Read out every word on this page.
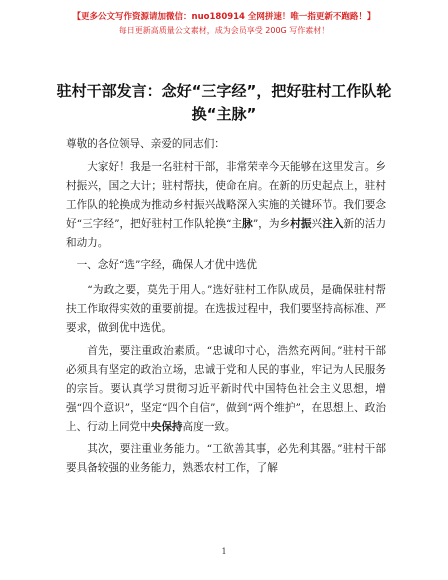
【更多公文写作资源请加微信：nuo180914 全网拼速！唯一指更新不跑路！】
每日更新高质量公文素材，成为会员享受 200G 写作素材！
驻村干部发言：念好“三字经”，把好驻村工作队轮换“主脉”

尊敬的各位领导、亲爱的同志们：

大家好！我是一名驻村干部，非常荣幸今天能够在这里发言。乡村振兴，国之大计；驻村帮扶，使命在肩。在新的历史起点上，驻村工作队的轮换成为推动乡村振兴战略深入实施的关键环节。我们要念好“三字经”，把好驻村工作队轮换“主脉”，为乡村振兴注入新的活力和动力。

一、念好“选”字经，确保人才优中选优

“为政之要，莫先于用人。”选好驻村工作队成员，是确保驻村帮扶工作取得实效的重要前提。在选拔过程中，我们要坚持高标准、严要求，做到优中选优。

首先，要注重政治素质。“忠诚印寸心，浩然充两间。”驻村干部必须具有坚定的政治立场，忠诚于党和人民的事业，牢记为人民服务的宗旨。要认真学习贯彻习近平新时代中国特色社会主义思想，增强“四个意识”，坚定“四个自信”，做到“两个维护”，在思想上、政治上、行动上同党中央保持高度一致。

其次，要注重业务能力。“工欲善其事，必先利其器。”驻村干部要具备较强的业务能力，熟悉农村工作，了解

1
